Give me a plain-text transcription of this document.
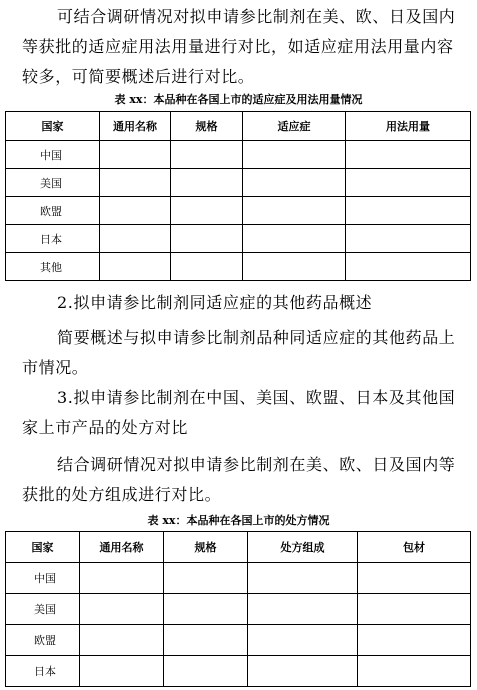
可结合调研情况对拟申请参比制剂在美、欧、日及国内等获批的适应症用法用量进行对比，如适应症用法用量内容较多，可简要概述后进行对比。

表 xx：本品种在各国上市的适应症及用法用量情况

国家	通用名称	规格	适应症	用法用量
中国				
美国				
欧盟				
日本				
其他				

2.拟申请参比制剂同适应症的其他药品概述

简要概述与拟申请参比制剂品种同适应症的其他药品上市情况。

3.拟申请参比制剂在中国、美国、欧盟、日本及其他国家上市产品的处方对比

结合调研情况对拟申请参比制剂在美、欧、日及国内等获批的处方组成进行对比。

表 xx：本品种在各国上市的处方情况

国家	通用名称	规格	处方组成	包材
中国				
美国				
欧盟				
日本				
